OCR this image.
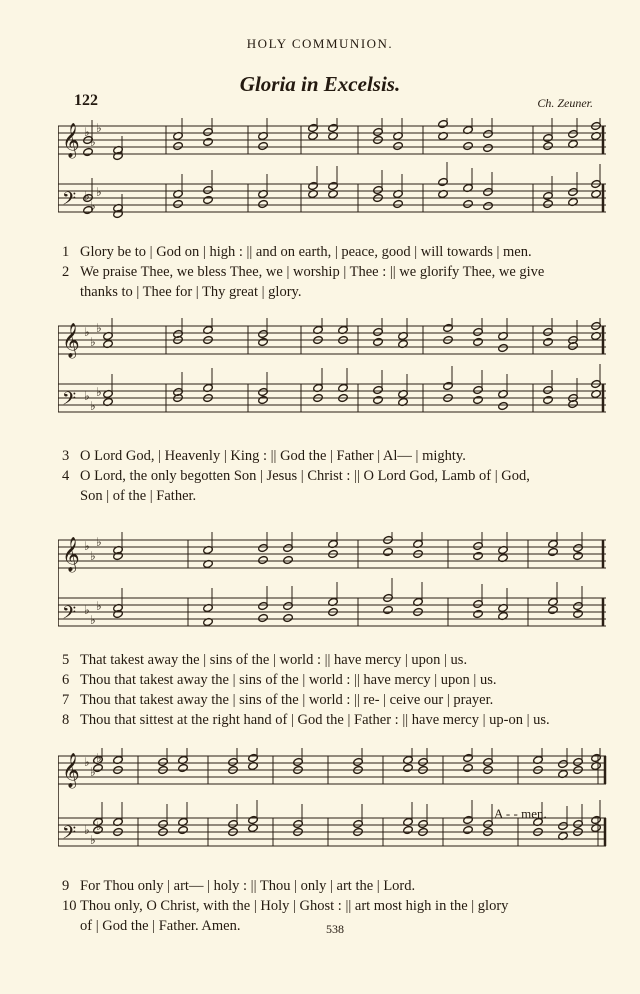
HOLY COMMUNION.
Gloria in Excelsis.
122	Ch. Zeuner.
𝄞 ♭
♭
♭
𝄢 ♭
♭
♭
1 Glory be to | God on | high : || and on earth, | peace, good | will towards | men.
2 We praise Thee, we bless Thee, we | worship | Thee : || we glorify Thee, we give
thanks to | Thee for | Thy great | glory.
𝄞 ♭
♭
♭
𝄢 ♭
♭
♭
3 O Lord God, | Heavenly | King : || God the | Father | Al— | mighty.
4 O Lord, the only begotten Son | Jesus | Christ : || O Lord God, Lamb of | God,
Son | of the | Father.
𝄞 ♭
♭
♭
𝄢 ♭
♭
♭
5 That takest away the | sins of the | world : || have mercy | upon | us.
6 Thou that takest away the | sins of the | world : || have mercy | upon | us.
7 Thou that takest away the | sins of the | world : || re- | ceive our | prayer.
8 Thou that sittest at the right hand of | God the | Father : || have mercy | up-on | us.
𝄞 ♭
♭
♭
𝄢 ♭
♭
♭
A - - men.
9 For Thou only | art— | holy : || Thou | only | art the | Lord.
10 Thou only, O Christ, with the | Holy | Ghost : || art most high in the | glory
of | God the | Father. Amen.	538
